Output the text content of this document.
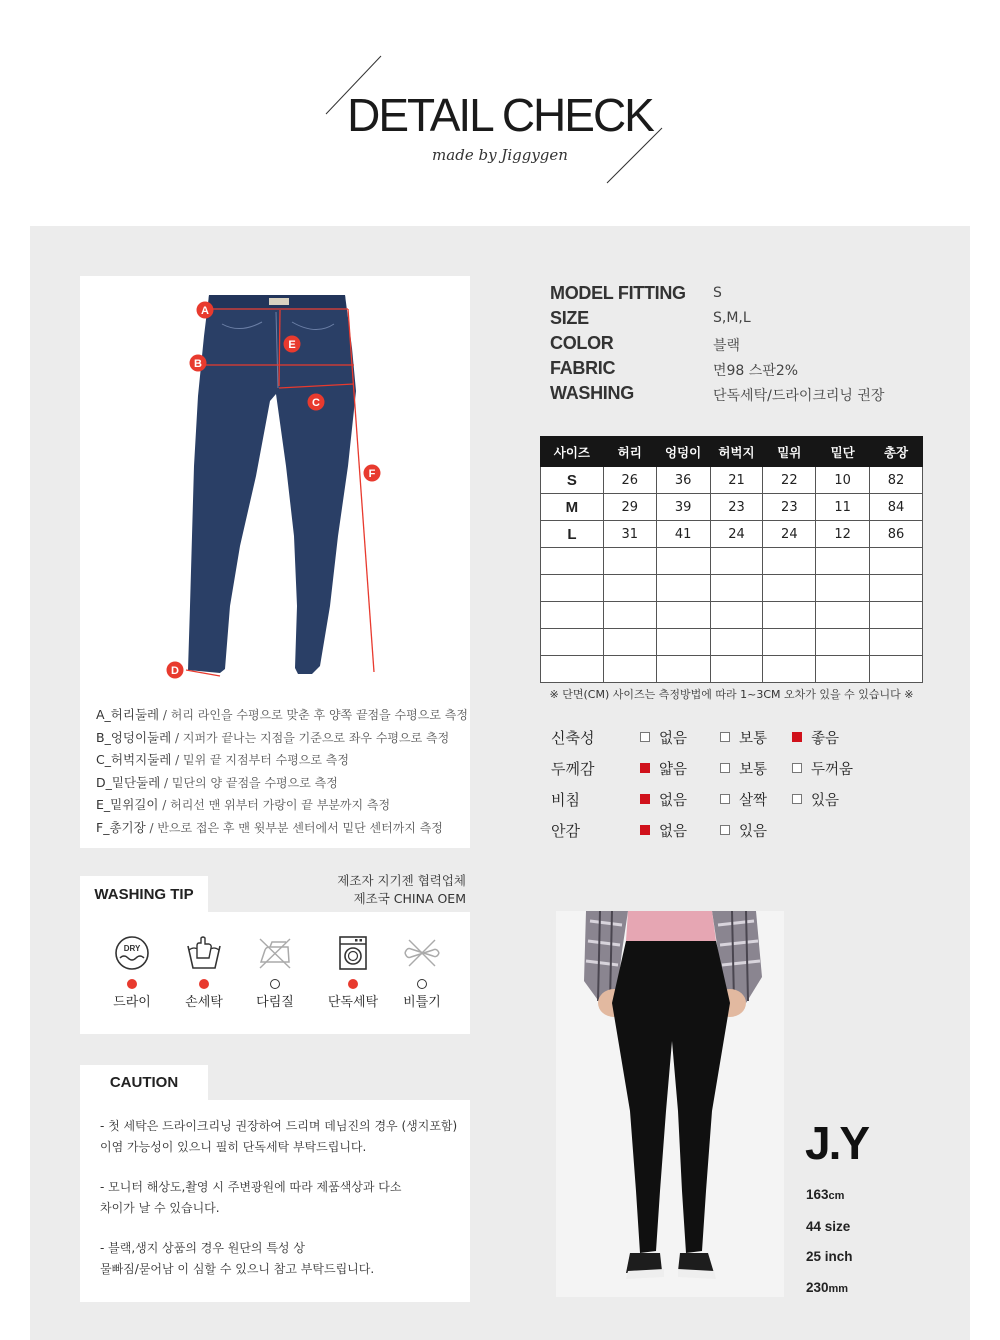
DETAIL CHECK
made by Jiggygen
A
B
C
D
E
F
A_허리둘레 / 허리 라인을 수평으로 맞춘 후 양쪽 끝점을 수평으로 측정
B_엉덩이둘레 / 지퍼가 끝나는 지점을 기준으로 좌우 수평으로 측정
C_허벅지둘레 / 밑위 끝 지점부터 수평으로 측정
D_밑단둘레 / 밑단의 양 끝점을 수평으로 측정
E_밑위길이 / 허리선 맨 위부터 가랑이 끝 부분까지 측정
F_총기장 / 반으로 접은 후 맨 윗부분 센터에서 밑단 센터까지 측정
WASHING TIP
제조자 지기젠 협력업체
제조국 CHINA OEM
DRY
드라이	손세탁	다림질	단독세탁	비틀기
CAUTION
- 첫 세탁은 드라이크리닝 권장하여 드리며 데님진의 경우 (생지포함)
이염 가능성이 있으니 필히 단독세탁 부탁드립니다.
- 모니터 해상도,촬영 시 주변광원에 따라 제품색상과 다소
차이가 날 수 있습니다.
- 블랙,생지 상품의 경우 원단의 특성 상
물빠짐/묻어남 이 심할 수 있으니 참고 부탁드립니다.
MODEL FITTING S
SIZE	S,M,L
COLOR	블랙
FABRIC	면98 스판2%
WASHING	단독세탁/드라이크리닝 권장
사이즈	허리	엉덩이	허벅지	밑위	밑단	총장
S	26	36	21	22	10	82
M	29	39	23	23	11	84
L	31	41	24	24	12	86

※ 단면(CM) 사이즈는 측정방법에 따라 1~3CM 오차가 있을 수 있습니다 ※
신축성	없음	보통	좋음
두께감	얇음	보통	두꺼움
비침	없음	살짝	있음
안감	없음	있음
J.Y
163cm
44 size
25 inch
230mm
